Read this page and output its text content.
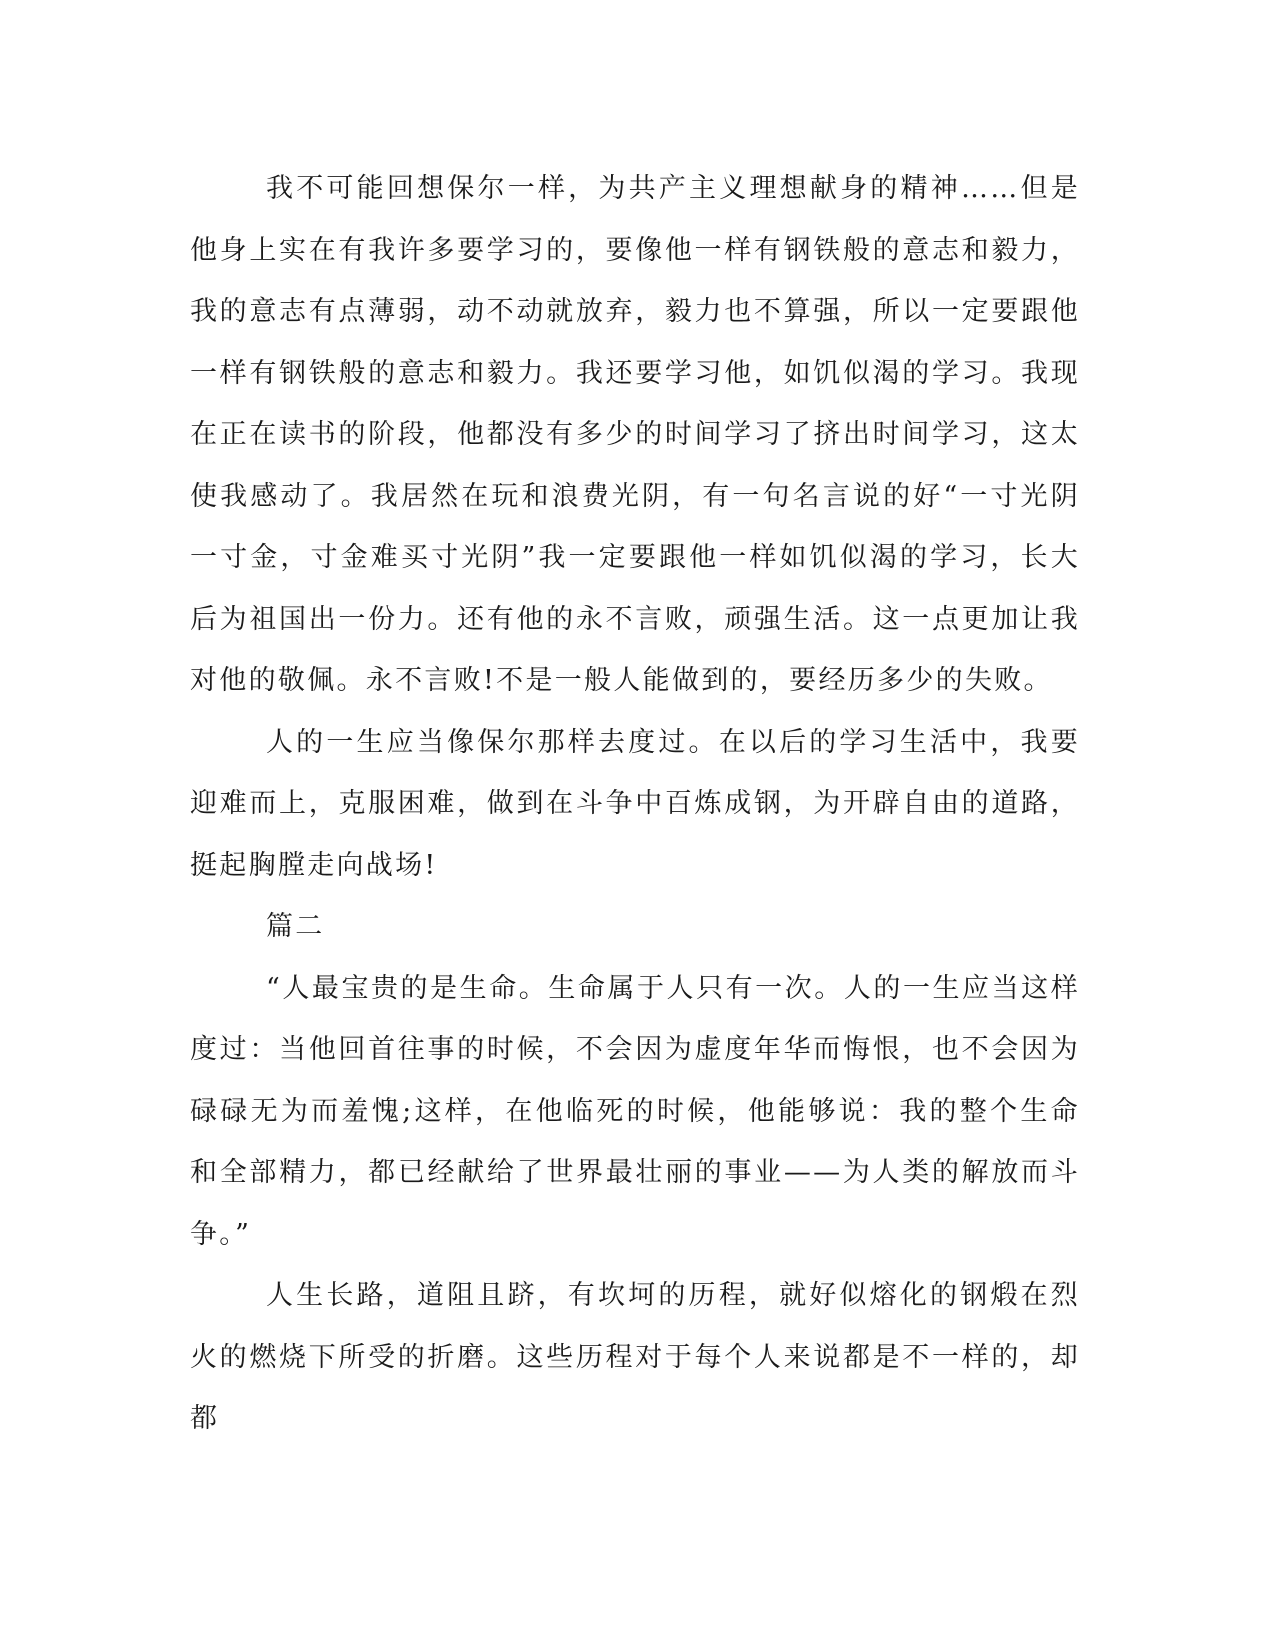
我不可能回想保尔一样，为共产主义理想献身的精神……但是他身上实在有我许多要学习的，要像他一样有钢铁般的意志和毅力，我的意志有点薄弱，动不动就放弃，毅力也不算强，所以一定要跟他一样有钢铁般的意志和毅力。我还要学习他，如饥似渴的学习。我现在正在读书的阶段，他都没有多少的时间学习了挤出时间学习，这太使我感动了。我居然在玩和浪费光阴，有一句名言说的好“一寸光阴一寸金，寸金难买寸光阴”我一定要跟他一样如饥似渴的学习，长大后为祖国出一份力。还有他的永不言败，顽强生活。这一点更加让我对他的敬佩。永不言败!不是一般人能做到的，要经历多少的失败。

人的一生应当像保尔那样去度过。在以后的学习生活中，我要迎难而上，克服困难，做到在斗争中百炼成钢，为开辟自由的道路，挺起胸膛走向战场!

篇二

“人最宝贵的是生命。生命属于人只有一次。人的一生应当这样度过：当他回首往事的时候，不会因为虚度年华而悔恨，也不会因为碌碌无为而羞愧;这样，在他临死的时候，他能够说：我的整个生命和全部精力，都已经献给了世界最壮丽的事业——为人类的解放而斗争。”

人生长路，道阻且跻，有坎坷的历程，就好似熔化的钢煅在烈火的燃烧下所受的折磨。这些历程对于每个人来说都是不一样的，却都
